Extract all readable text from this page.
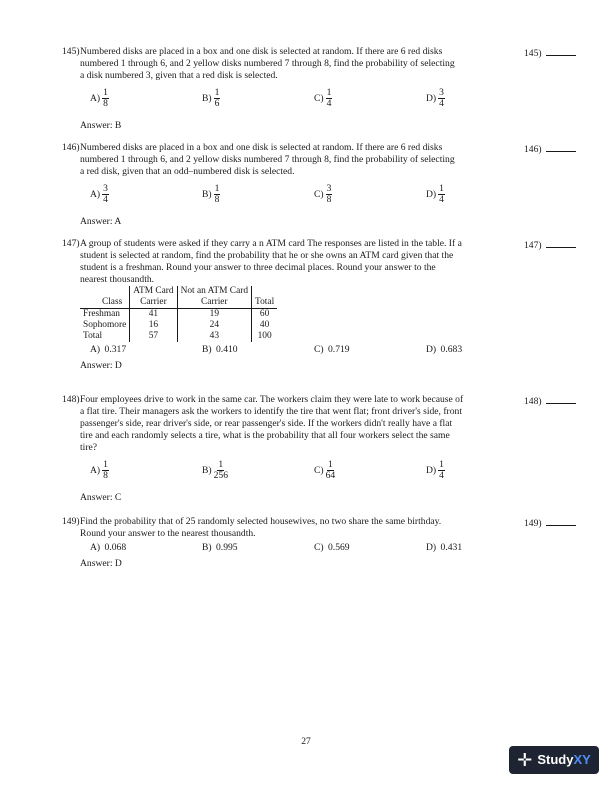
145) Numbered disks are placed in a box and one disk is selected at random. If there are 6 red disks
numbered 1 through 6, and 2 yellow disks numbered 7 through 8, find the probability of selecting
a disk numbered 3, given that a red disk is selected.
$A) \frac{1}{8}$	$B) \frac{1}{6}$	$C) \frac{1}{4}$	$D) \frac{3}{4}$
Answer: B
145)
146) Numbered disks are placed in a box and one disk is selected at random. If there are 6 red disks
numbered 1 through 6, and 2 yellow disks numbered 7 through 8, find the probability of selecting
a red disk, given that an odd–numbered disk is selected.
$A) \frac{3}{4}$	$B) \frac{1}{8}$	$C) \frac{3}{8}$	$D) \frac{1}{4}$
Answer: A
146)
147) A group of students were asked if they carry a n ATM card The responses are listed in the table. If a
student is selected at random, find the probability that he or she owns an ATM card given that the
student is a freshman. Round your answer to three decimal places. Round your answer to the
nearest thousandth.
	ATM Card	Not an ATM Card	
Class	Carrier	Carrier	Total
Freshman	41	19	60
Sophomore	16	24	40
Total	57	43	100
A)
0.317	B)
0.410	C)
0.719	D)
0.683
Answer: D
147)
148) Four employees drive to work in the same car. The workers claim they were late to work because of
a flat tire. Their managers ask the workers to identify the tire that went flat; front driver's side, front
passenger's side, rear driver's side, or rear passenger's side. If the workers didn't really have a flat
tire and each randomly selects a tire, what is the probability that all four workers select the same
tire?
$A) \frac{1}{8}$	$B) \frac{1}{256}$	$C) \frac{1}{64}$	$D) \frac{1}{4}$
Answer: C
148)
149) Find the probability that of 25 randomly selected housewives, no two share the same birthday.
Round your answer to the nearest thousandth.
A)
0.068	B)
0.995	C)
0.569	D)
0.431
Answer: D
149)
27
✛ Study XY
